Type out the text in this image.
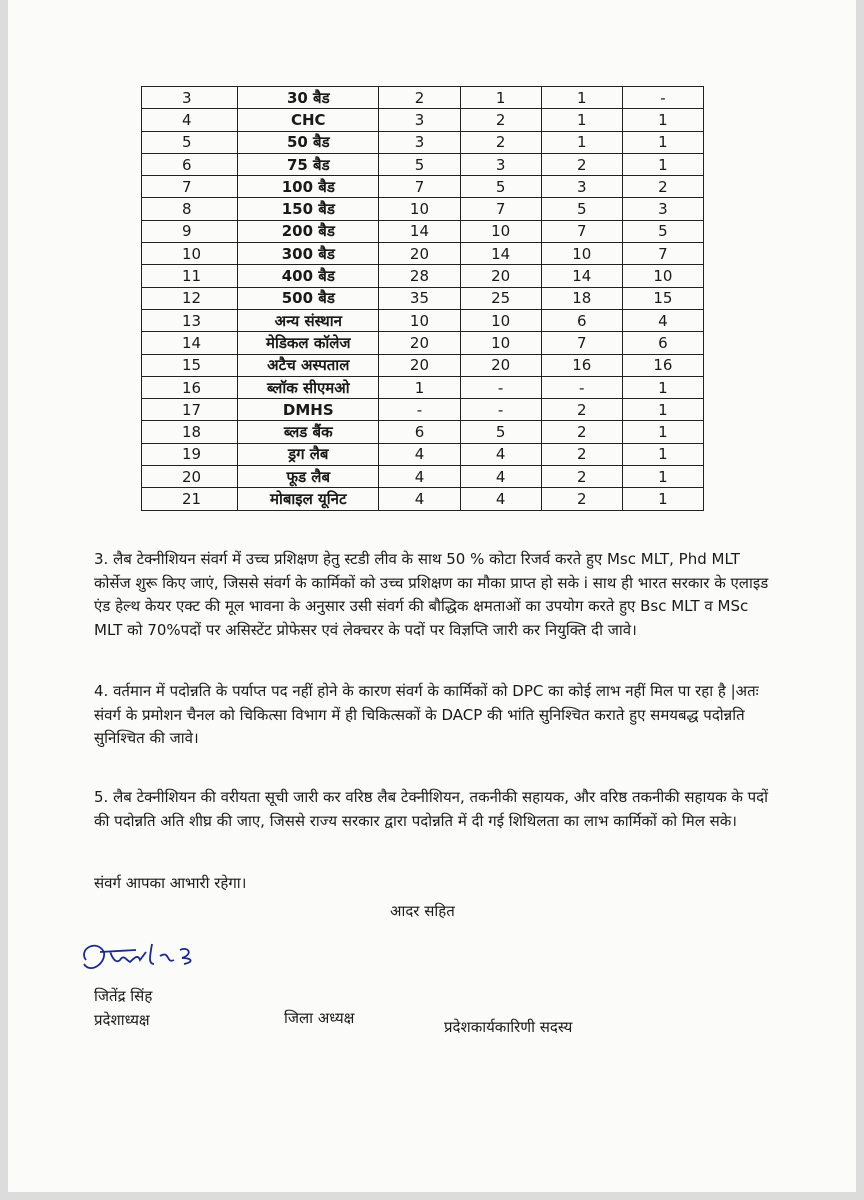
3	30 बैड	2	1	1	-
4	CHC	3	2	1	1
5	50 बैड	3	2	1	1
6	75 बैड	5	3	2	1
7	100 बैड	7	5	3	2
8	150 बैड	10	7	5	3
9	200 बैड	14	10	7	5
10	300 बैड	20	14	10	7
11	400 बैड	28	20	14	10
12	500 बैड	35	25	18	15
13	अन्य संस्थान	10	10	6	4
14	मेडिकल कॉलेज	20	10	7	6
15	अटैच अस्पताल	20	20	16	16
16	ब्लॉक सीएमओ	1	-	-	1
17	DMHS	-	-	2	1
18	ब्लड बैंक	6	5	2	1
19	ड्रग लैब	4	4	2	1
20	फूड लैब	4	4	2	1
21	मोबाइल यूनिट	4	4	2	1

3. लैब टेक्नीशियन संवर्ग में उच्च प्रशिक्षण हेतु स्टडी लीव के साथ 50 % कोटा रिजर्व करते हुए Msc MLT, Phd MLT कोर्सेज शुरू किए जाएं, जिससे संवर्ग के कार्मिकों को उच्च प्रशिक्षण का मौका प्राप्त हो सके i साथ ही भारत सरकार के एलाइड एंड हेल्थ केयर एक्ट की मूल भावना के अनुसार उसी संवर्ग की बौद्धिक क्षमताओं का उपयोग करते हुए Bsc MLT व MSc MLT को 70%पदों पर असिस्टेंट प्रोफेसर एवं लेक्चरर के पदों पर विज्ञप्ति जारी कर नियुक्ति दी जावे।

4. वर्तमान में पदोन्नति के पर्याप्त पद नहीं होने के कारण संवर्ग के कार्मिकों को DPC का कोई लाभ नहीं मिल पा रहा है |अतः संवर्ग के प्रमोशन चैनल को चिकित्सा विभाग में ही चिकित्सकों के DACP की भांति सुनिश्चित कराते हुए समयबद्ध पदोन्नति सुनिश्चित की जावे।

5. लैब टेक्नीशियन की वरीयता सूची जारी कर वरिष्ठ लैब टेक्नीशियन, तकनीकी सहायक, और वरिष्ठ तकनीकी सहायक के पदों की पदोन्नति अति शीघ्र की जाए, जिससे राज्य सरकार द्वारा पदोन्नति में दी गई शिथिलता का लाभ कार्मिकों को मिल सके।

संवर्ग आपका आभारी रहेगा।
आदर सहित
जितेंद्र सिंह
प्रदेशाध्यक्ष	जिला अध्यक्ष	प्रदेशकार्यकारिणी सदस्य
